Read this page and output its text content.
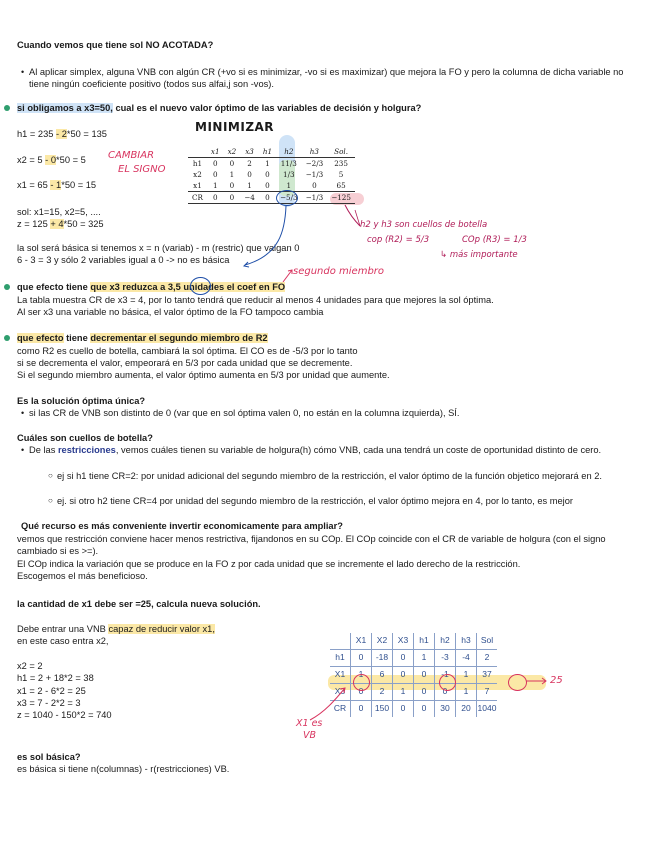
Cuando vemos que tiene sol NO ACOTADA?
• Al aplicar simplex, alguna VNB con algún CR (+vo si es minimizar, -vo si es maximizar) que mejora la FO y pero la columna de dicha variable no tiene ningún coeficiente positivo (todos sus alfai,j son -vos).
si obligamos a x3=50, cual es el nuevo valor óptimo de las variables de decisión y holgura?
h1 = 235 - 2*50 = 135
x2 = 5 - 0*50 = 5
x1 = 65 - 1*50 = 15
sol: x1=15, x2=5, ....
z = 125 + 4*50 = 325
la sol será básica si tenemos x = n (variab) - m (restric) que valgan 0
6 - 3 = 3 y sólo 2 variables igual a 0 -> no es básica
MINIMIZAR
CAMBIAR
EL SIGNO
	x1	x2	x3	h1	h2	h3	Sol.
h1	0	0	2	1	11/3	−2/3	235
x2	0	1	0	0	1/3	−1/3	5
x1	1	0	1	0	1	0	65
CR	0	0	−4	0	−5/3	−1/3	−125
h2 y h3 son cuellos de botella
cop (R2) = 5/3	COp (R3) = 1/3
↳ más importante
segundo miembro
que efecto tiene que x3 reduzca a 3,5 unidades el coef en FO
La tabla muestra CR de x3 = 4, por lo tanto tendrá que reducir al menos 4 unidades para que mejores la sol óptima.
Al ser x3 una variable no básica, el valor óptimo de la FO tampoco cambia
que efecto tiene decrementar el segundo miembro de R2
como R2 es cuello de botella, cambiará la sol óptima. El CO es de -5/3 por lo tanto
si se decrementa el valor, empeorará en 5/3 por cada unidad que se decremente.
Si el segundo miembro aumenta, el valor óptimo aumenta en 5/3 por unidad que aumente.
Es la solución óptima única?
• si las CR de VNB son distinto de 0 (var que en sol óptima valen 0, no están en la columna izquierda), SÍ.
Cuáles son cuellos de botella?
• De las restricciones, vemos cuáles tienen su variable de holgura(h) cómo VNB, cada una tendrá un coste de oportunidad distinto de cero.
○ ej si h1 tiene CR=2: por unidad adicional del segundo miembro de la restricción, el valor óptimo de la función objetico mejorará en 2.
○ ej. si otro h2 tiene CR=4 por unidad del segundo miembro de la restricción, el valor óptimo mejora en 4, por lo tanto, es mejor
Qué recurso es más conveniente invertir economicamente para ampliar?
vemos que restricción conviene hacer menos restrictiva, fijandonos en su COp. El COp coincide con el CR de variable de holgura (con el signo cambiado si es >=).
El COp indica la variación que se produce en la FO z por cada unidad que se incremente el lado derecho de la restricción.
Escogemos el más beneficioso.
la cantidad de x1 debe ser =25, calcula nueva solución.
Debe entrar una VNB capaz de reducir valor x1,
en este caso entra x2,
x2 = 2
h1 = 2 + 18*2 = 38
x1 = 2 - 6*2 = 25
x3 = 7 - 2*2 = 3
z = 1040 - 150*2 = 740
	X1	X2	X3	h1	h2	h3	Sol
h1	0	-18	0	1	-3	-4	2
X1	1	6	0	0	-1	1	37
X3	0	2	1	0	0	1	7
CR	0	150	0	0	30	20	1040
25
X1 es
VB
es sol básica?
es básica si tiene n(columnas) - r(restricciones) VB.
